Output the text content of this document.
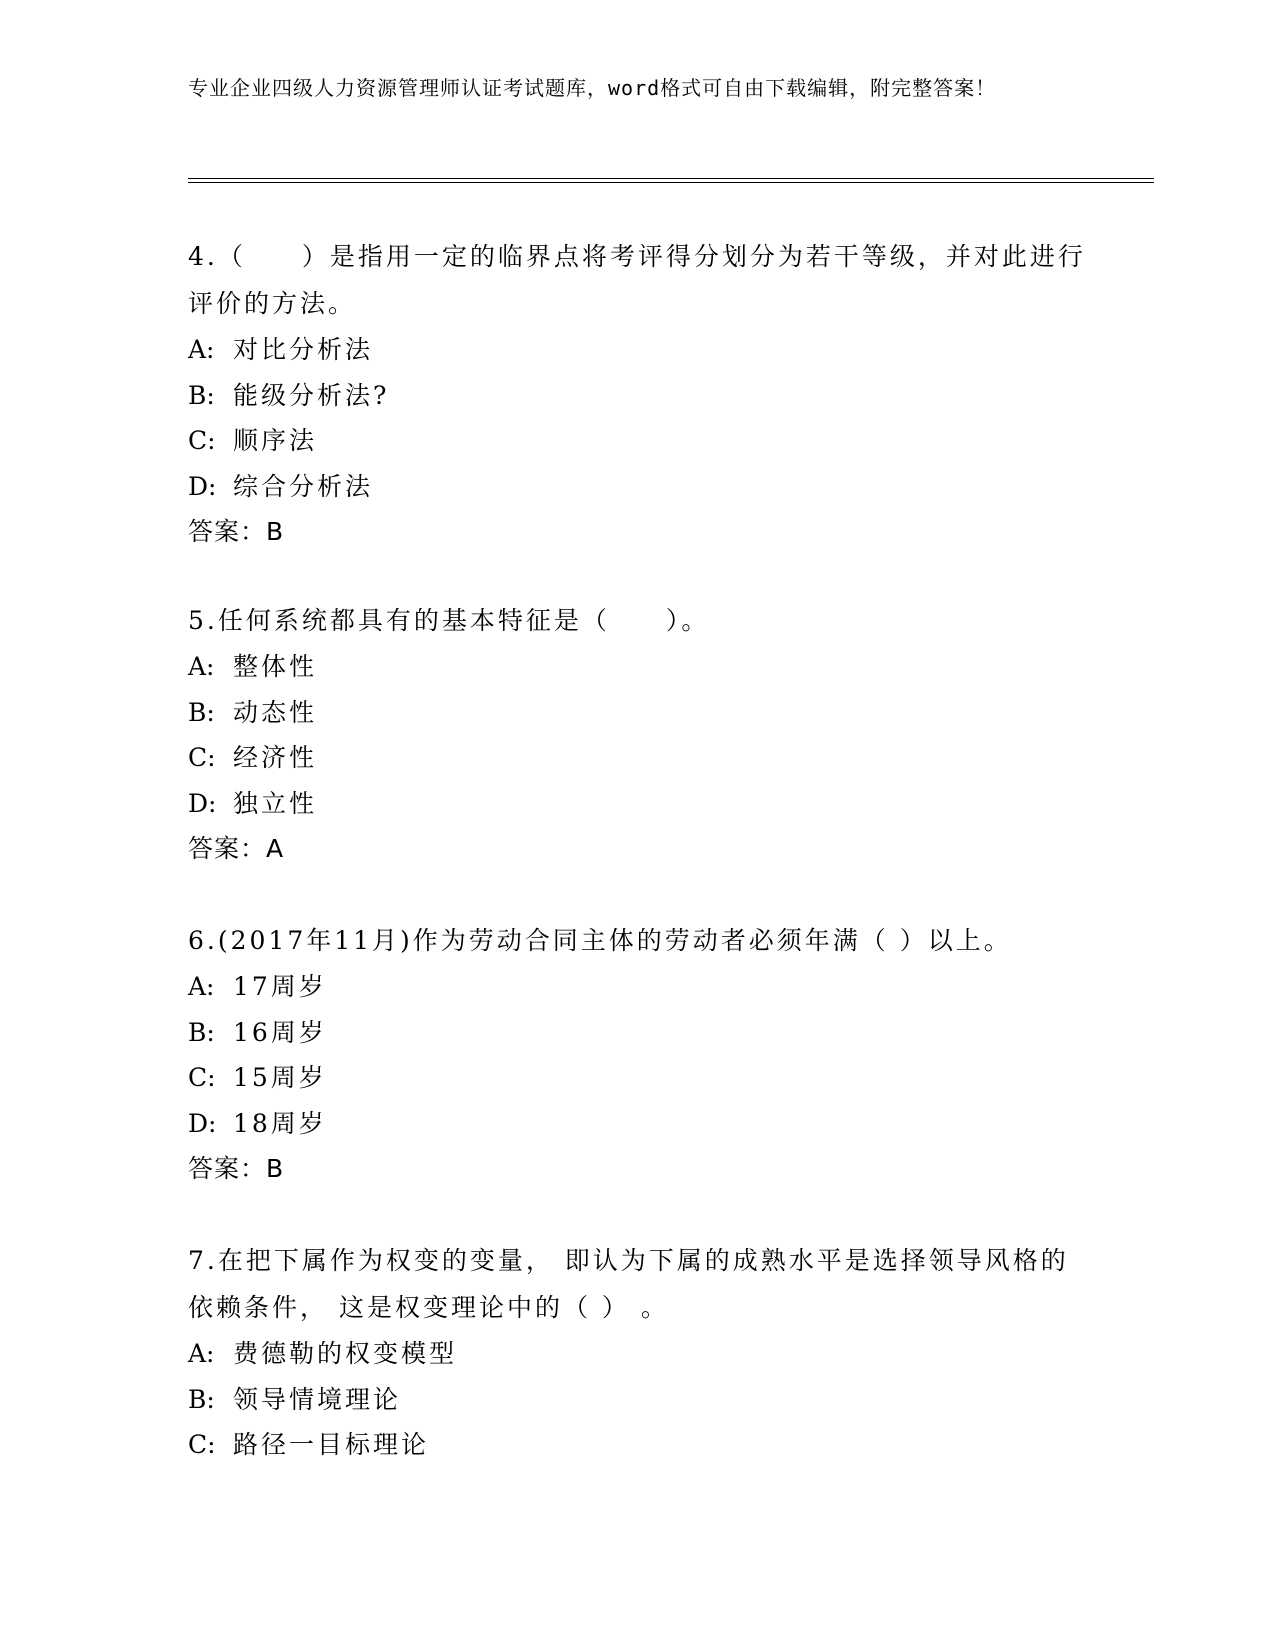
专业企业四级人力资源管理师认证考试题库，word格式可自由下载编辑，附完整答案！

4.（　　）是指用一定的临界点将考评得分划分为若干等级，并对此进行评价的方法。

A: 对比分析法
B: 能级分析法?
C: 顺序法
D: 综合分析法
答案：B

5.任何系统都具有的基本特征是（　　）。

A: 整体性
B: 动态性
C: 经济性
D: 独立性
答案：A

6.(2017年11月)作为劳动合同主体的劳动者必须年满（ ）以上。

A: 17周岁
B: 16周岁
C: 15周岁
D: 18周岁
答案：B

7.在把下属作为权变的变量， 即认为下属的成熟水平是选择领导风格的依赖条件， 这是权变理论中的（ ） 。

A: 费德勒的权变模型
B: 领导情境理论
C: 路径一目标理论
